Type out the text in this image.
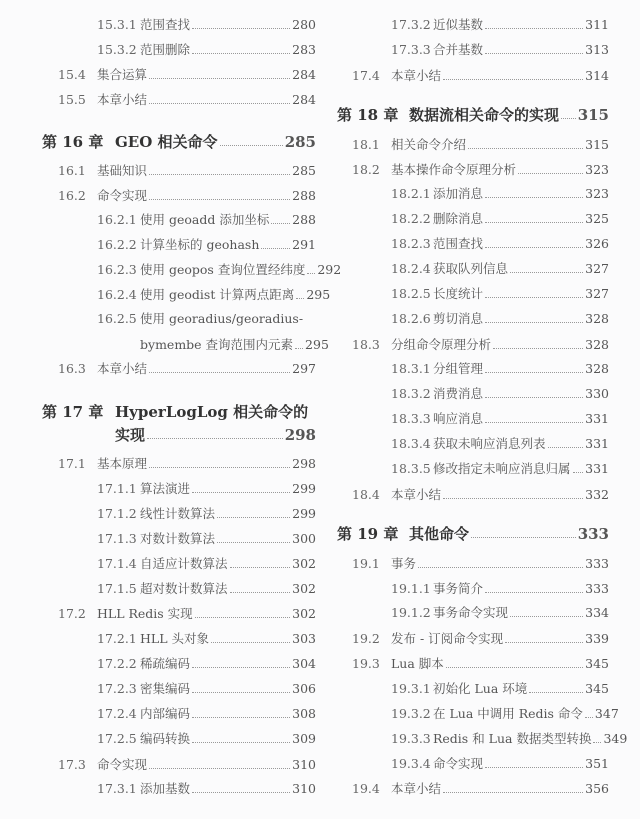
15.3.1 范围查找	280
15.3.2 范围删除	283
15.4 集合运算	284
15.5 本章小结	284
第 16 章 GEO 相关命令	285
16.1 基础知识	285
16.2 命令实现	288
16.2.1 使用 geoadd 添加坐标 288
16.2.2 计算坐标的 geohash	291
16.2.3 使用 geopos 查询位置经纬度 292
16.2.4 使用 geodist 计算两点距离 295
16.2.5 使用 georadius/georadius-
bymembe 查询范围内元素 295
16.3 本章小结	297
第 17 章 HyperLogLog 相关命令的
实现	298
17.1 基本原理	298
17.1.1 算法演进	299
17.1.2 线性计数算法	299
17.1.3 对数计数算法	300
17.1.4 自适应计数算法	302
17.1.5 超对数计数算法	302
17.2 HLL Redis 实现	302
17.2.1 HLL 头对象	303
17.2.2 稀疏编码	304
17.2.3 密集编码	306
17.2.4 内部编码	308
17.2.5 编码转换	309
17.3 命令实现	310
17.3.1 添加基数	310
17.3.2 近似基数	311
17.3.3 合并基数	313
17.4 本章小结	314
第 18 章 数据流相关命令的实现 315
18.1 相关命令介绍	315
18.2 基本操作命令原理分析	323
18.2.1 添加消息	323
18.2.2 删除消息	325
18.2.3 范围查找	326
18.2.4 获取队列信息	327
18.2.5 长度统计	327
18.2.6 剪切消息	328
18.3 分组命令原理分析	328
18.3.1 分组管理	328
18.3.2 消费消息	330
18.3.3 响应消息	331
18.3.4 获取未响应消息列表	331
18.3.5 修改指定未响应消息归属 331
18.4 本章小结	332
第 19 章 其他命令	333
19.1 事务	333
19.1.1 事务简介	333
19.1.2 事务命令实现	334
19.2 发布 - 订阅命令实现	339
19.3 Lua 脚本	345
19.3.1 初始化 Lua 环境	345
19.3.2 在 Lua 中调用 Redis 命令 347
19.3.3 Redis 和 Lua 数据类型转换 349
19.3.4 命令实现	351
19.4 本章小结	356
